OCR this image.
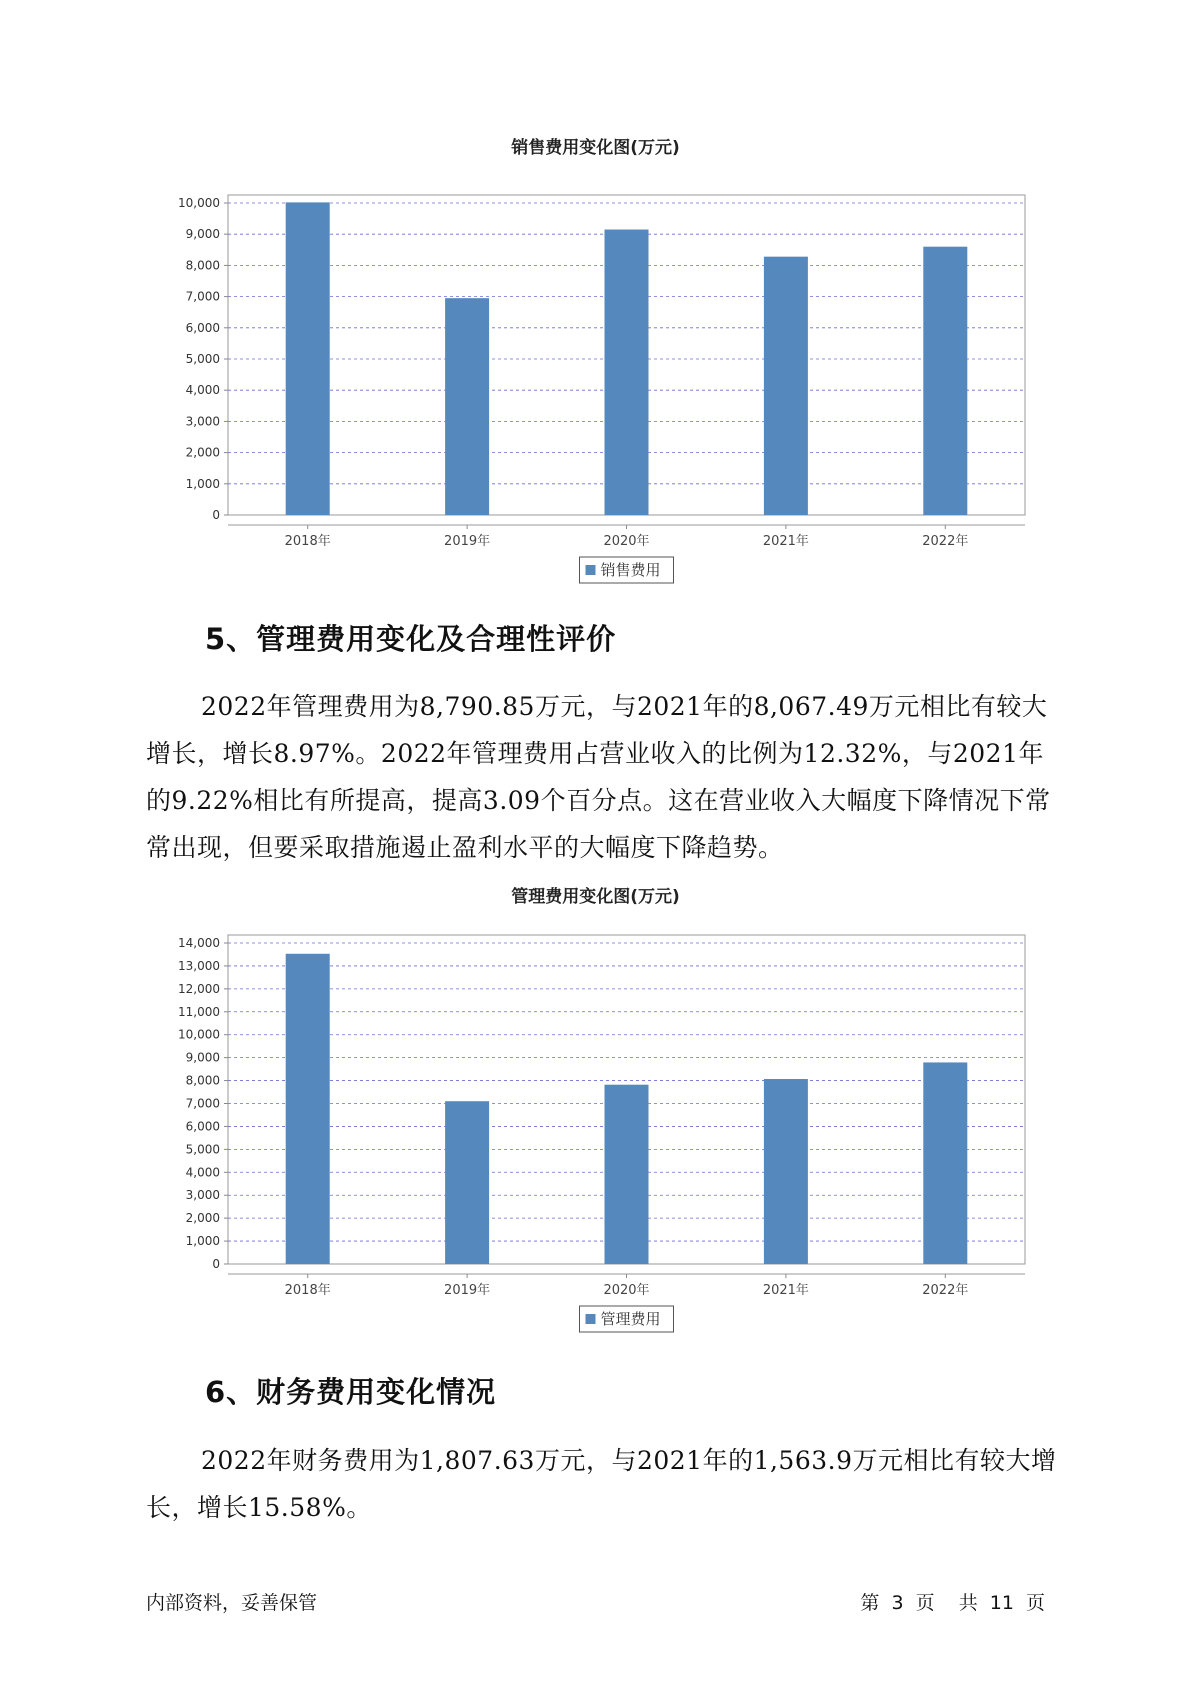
销售费用变化图(万元)
0
1,000
2,000
3,000
4,000
5,000
6,000
7,000
8,000
9,000
10,000
2018年	2019年	2020年	2021年	2022年
销售费用
5、管理费用变化及合理性评价

2022年管理费用为8,790.85万元，与2021年的8,067.49万元相比有较大增长，增长8.97%。2022年管理费用占营业收入的比例为12.32%，与2021年的9.22%相比有所提高，提高3.09个百分点。这在营业收入大幅度下降情况下常常出现，但要采取措施遏止盈利水平的大幅度下降趋势。

管理费用变化图(万元)
0
1,000
2,000
3,000
4,000
5,000
6,000
7,000
8,000
9,000
10,000
11,000
12,000
13,000
14,000
2018年	2019年	2020年	2021年	2022年
管理费用
6、财务费用变化情况

2022年财务费用为1,807.63万元，与2021年的1,563.9万元相比有较大增长，增长15.58%。

内部资料，妥善保管	第 3 页 共 11 页
